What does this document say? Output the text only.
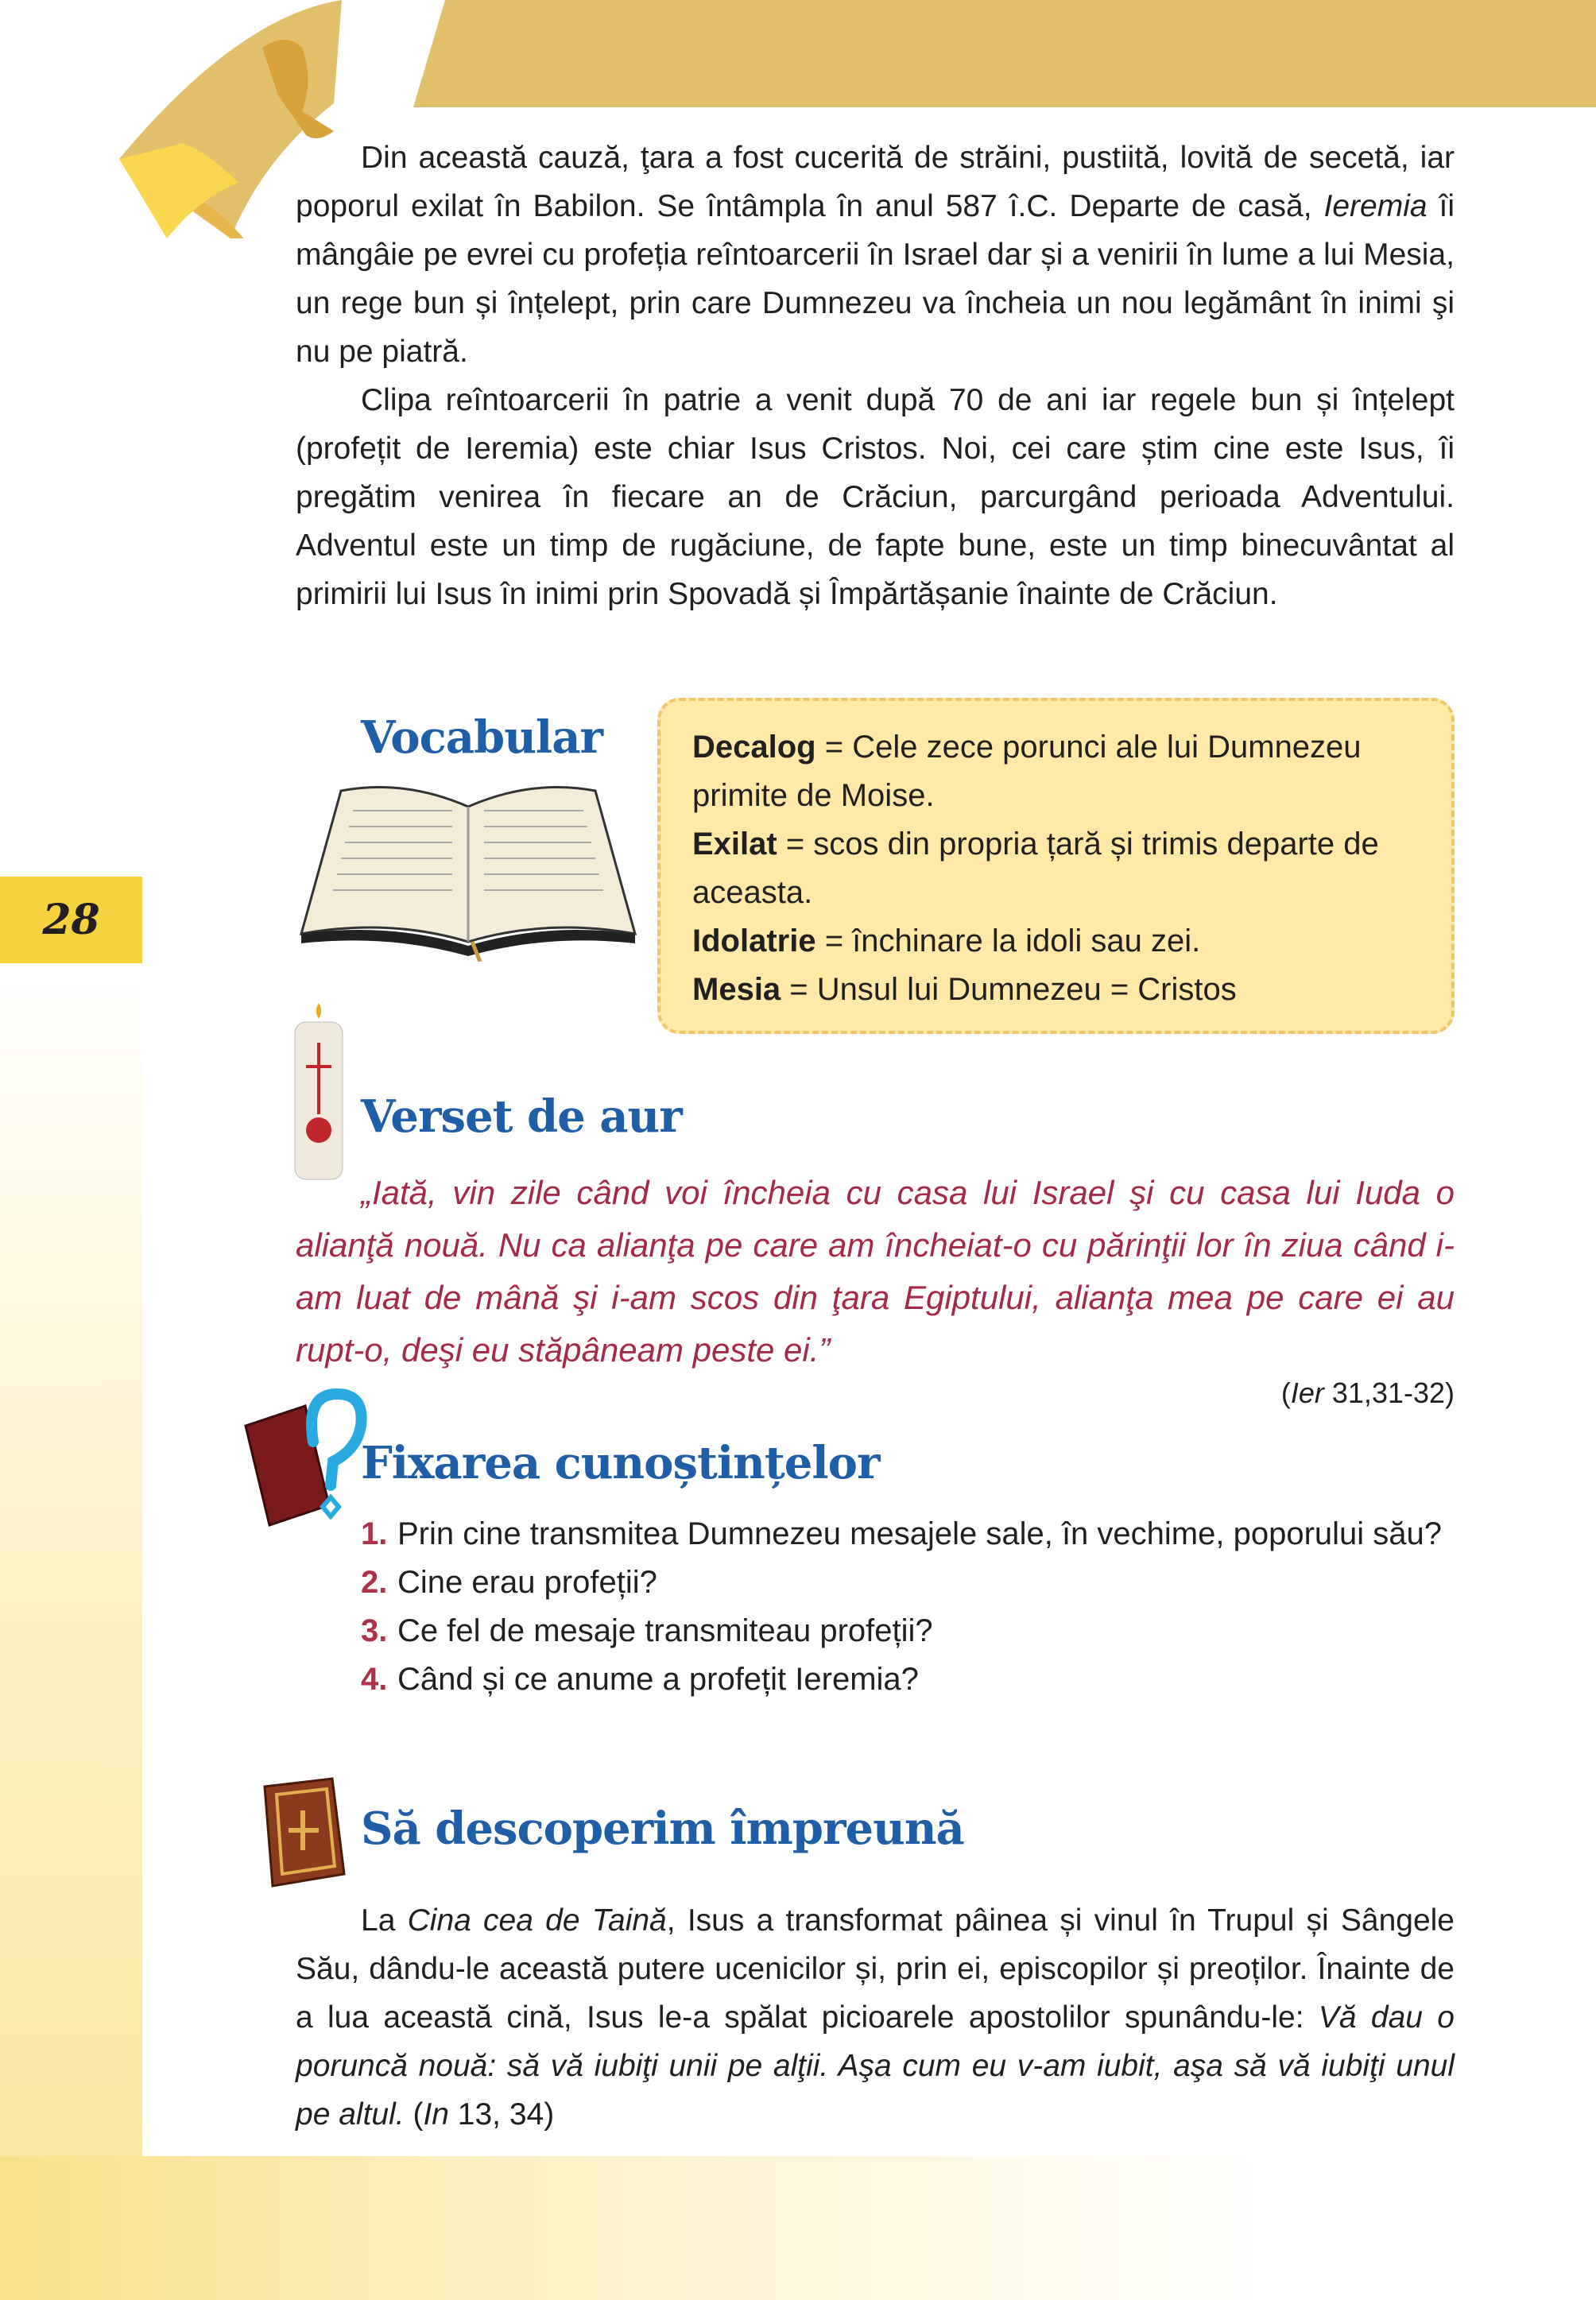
28

Din această cauză, ţara a fost cucerită de străini, pustiită, lovită de secetă, iar poporul exilat în Babilon. Se întâmpla în anul 587 î.C. Departe de casă, Ieremia îi mângâie pe evrei cu profeția reîntoarcerii în Israel dar și a venirii în lume a lui Mesia, un rege bun și înțelept, prin care Dumnezeu va încheia un nou legământ în inimi şi nu pe piatră.

Clipa reîntoarcerii în patrie a venit după 70 de ani iar regele bun și înțelept (profețit de Ieremia) este chiar Isus Cristos. Noi, cei care știm cine este Isus, îi pregătim venirea în fiecare an de Crăciun, parcurgând perioada Adventului. Adventul este un timp de rugăciune, de fapte bune, este un timp binecuvântat al primirii lui Isus în inimi prin Spovadă și Împărtășanie înainte de Crăciun.

Vocabular	Decalog = Cele zece porunci ale lui Dumnezeu primite de Moise.
Exilat = scos din propria țară și trimis departe de aceasta.
Idolatrie = închinare la idoli sau zei.
Mesia = Unsul lui Dumnezeu = Cristos
Verset de aur
„Iată, vin zile când voi încheia cu casa lui Israel şi cu casa lui Iuda o alianţă nouă. Nu ca alianţa pe care am încheiat-o cu părinţii lor în ziua când i-am luat de mână şi i-am scos din ţara Egiptului, alianţa mea pe care ei au rupt-o, deşi eu stăpâneam peste ei.”
(Ier 31,31-32)
Fixarea cunoștințelor
1. Prin cine transmitea Dumnezeu mesajele sale, în vechime, poporului său?
2. Cine erau profeții?
3. Ce fel de mesaje transmiteau profeții?
4. Când și ce anume a profețit Ieremia?
Să descoperim împreună

La Cina cea de Taină, Isus a transformat pâinea și vinul în Trupul și Sângele Său, dându-le această putere ucenicilor și, prin ei, episcopilor și preoților. Înainte de a lua această cină, Isus le-a spălat picioarele apostolilor spunându-le: Vă dau o poruncă nouă: să vă iubiţi unii pe alţii. Aşa cum eu v-am iubit, aşa să vă iubiţi unul pe altul. (In 13, 34)
